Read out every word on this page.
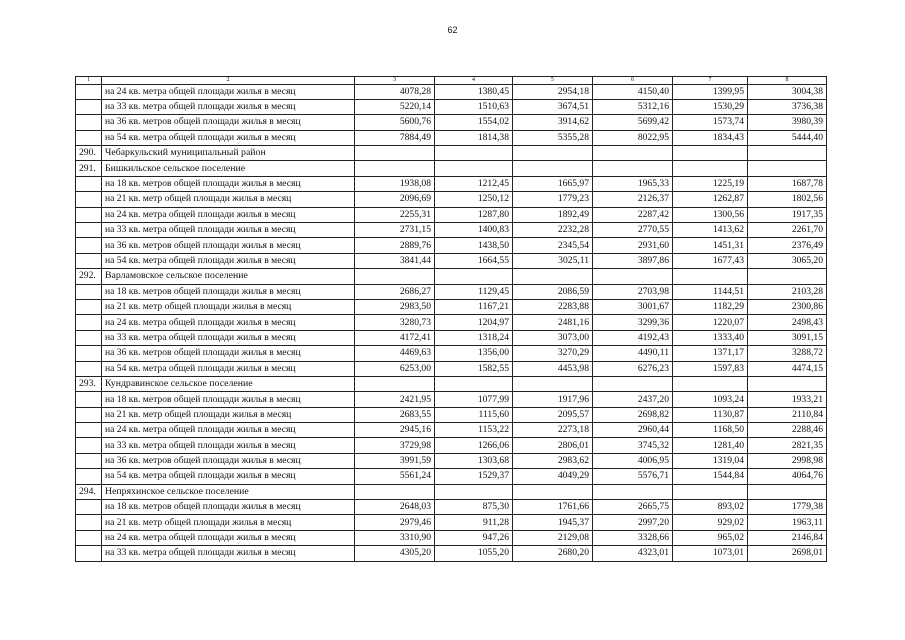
62
1	2	3	4	5	6	7	8
	на 24 кв. метра общей площади жилья в месяц	4078,28	1380,45	2954,18	4150,40	1399,95	3004,38
	на 33 кв. метра общей площади жилья в месяц	5220,14	1510,63	3674,51	5312,16	1530,29	3736,38
	на 36 кв. метров общей площади жилья в месяц	5600,76	1554,02	3914,62	5699,42	1573,74	3980,39
	на 54 кв. метра общей площади жилья в месяц	7884,49	1814,38	5355,28	8022,95	1834,43	5444,40
290.	Чебаркульский муниципальный район						
291.	Бишкильское сельское поселение						
	на 18 кв. метров общей площади жилья в месяц	1938,08	1212,45	1665,97	1965,33	1225,19	1687,78
	на 21 кв. метр общей площади жилья в месяц	2096,69	1250,12	1779,23	2126,37	1262,87	1802,56
	на 24 кв. метра общей площади жилья в месяц	2255,31	1287,80	1892,49	2287,42	1300,56	1917,35
	на 33 кв. метра общей площади жилья в месяц	2731,15	1400,83	2232,28	2770,55	1413,62	2261,70
	на 36 кв. метров общей площади жилья в месяц	2889,76	1438,50	2345,54	2931,60	1451,31	2376,49
	на 54 кв. метра общей площади жилья в месяц	3841,44	1664,55	3025,11	3897,86	1677,43	3065,20
292.	Варламовское сельское поселение						
	на 18 кв. метров общей площади жилья в месяц	2686,27	1129,45	2086,59	2703,98	1144,51	2103,28
	на 21 кв. метр общей площади жилья в месяц	2983,50	1167,21	2283,88	3001,67	1182,29	2300,86
	на 24 кв. метра общей площади жилья в месяц	3280,73	1204,97	2481,16	3299,36	1220,07	2498,43
	на 33 кв. метра общей площади жилья в месяц	4172,41	1318,24	3073,00	4192,43	1333,40	3091,15
	на 36 кв. метров общей площади жилья в месяц	4469,63	1356,00	3270,29	4490,11	1371,17	3288,72
	на 54 кв. метра общей площади жилья в месяц	6253,00	1582,55	4453,98	6276,23	1597,83	4474,15
293.	Кундравинское сельское поселение						
	на 18 кв. метров общей площади жилья в месяц	2421,95	1077,99	1917,96	2437,20	1093,24	1933,21
	на 21 кв. метр общей площади жилья в месяц	2683,55	1115,60	2095,57	2698,82	1130,87	2110,84
	на 24 кв. метра общей площади жилья в месяц	2945,16	1153,22	2273,18	2960,44	1168,50	2288,46
	на 33 кв. метра общей площади жилья в месяц	3729,98	1266,06	2806,01	3745,32	1281,40	2821,35
	на 36 кв. метров общей площади жилья в месяц	3991,59	1303,68	2983,62	4006,95	1319,04	2998,98
	на 54 кв. метра общей площади жилья в месяц	5561,24	1529,37	4049,29	5576,71	1544,84	4064,76
294.	Непряхинское сельское поселение						
	на 18 кв. метров общей площади жилья в месяц	2648,03	875,30	1761,66	2665,75	893,02	1779,38
	на 21 кв. метр общей площади жилья в месяц	2979,46	911,28	1945,37	2997,20	929,02	1963,11
	на 24 кв. метра общей площади жилья в месяц	3310,90	947,26	2129,08	3328,66	965,02	2146,84
	на 33 кв. метра общей площади жилья в месяц	4305,20	1055,20	2680,20	4323,01	1073,01	2698,01
